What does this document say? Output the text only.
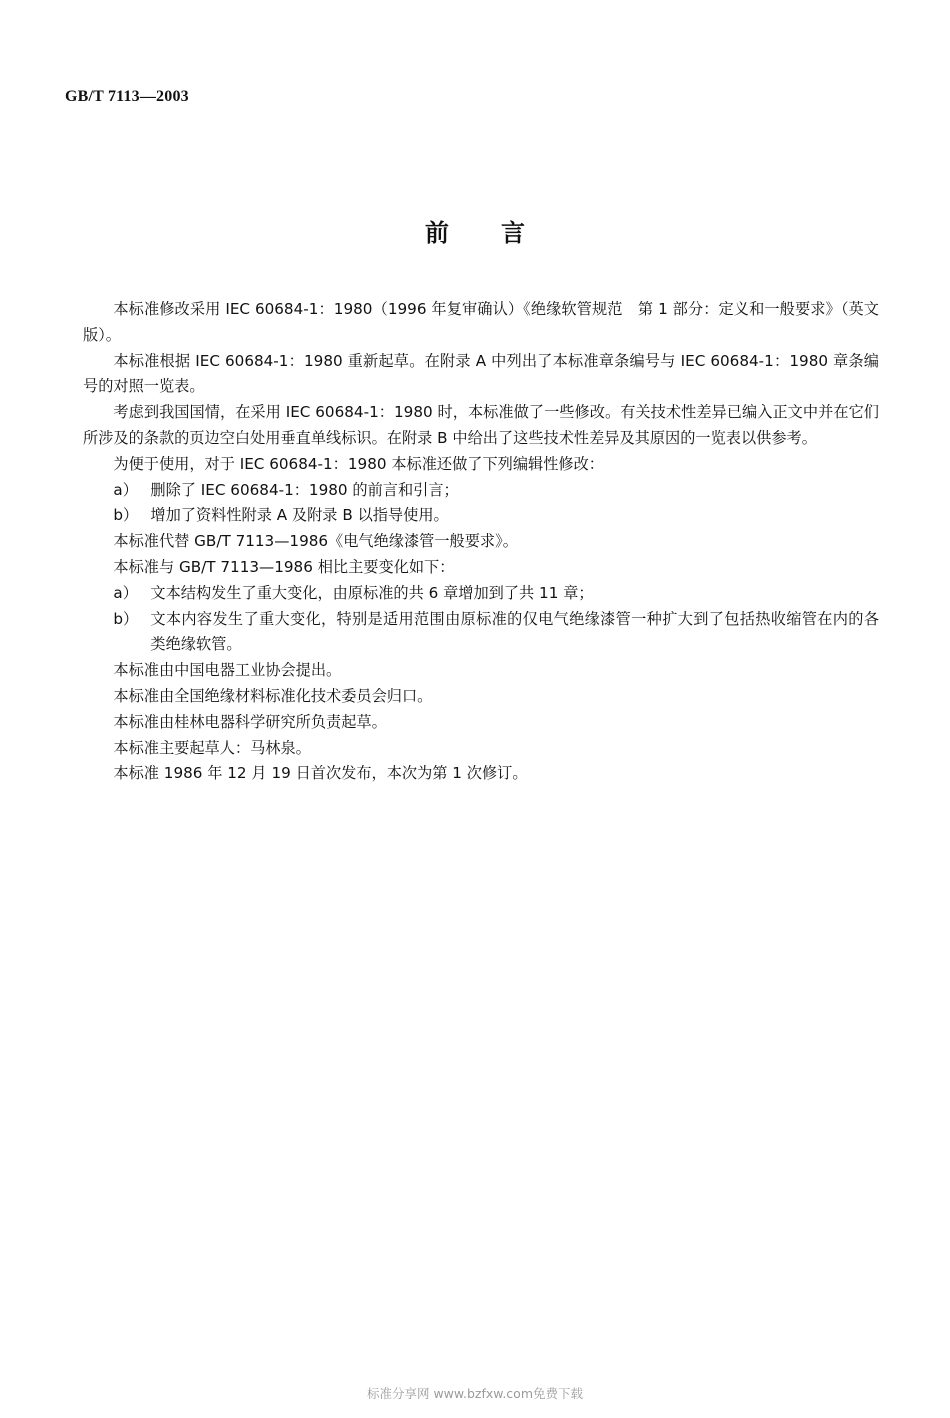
GB/T 7113—2003
前言

本标准修改采用 IEC 60684-1：1980（1996 年复审确认）《绝缘软管规范　第 1 部分：定义和一般要求》（英文版）。

本标准根据 IEC 60684-1：1980 重新起草。在附录 A 中列出了本标准章条编号与 IEC 60684-1：1980 章条编号的对照一览表。

考虑到我国国情，在采用 IEC 60684-1：1980 时，本标准做了一些修改。有关技术性差异已编入正文中并在它们所涉及的条款的页边空白处用垂直单线标识。在附录 B 中给出了这些技术性差异及其原因的一览表以供参考。

为便于使用，对于 IEC 60684-1：1980 本标准还做了下列编辑性修改：

a） 删除了 IEC 60684-1：1980 的前言和引言；
b） 增加了资料性附录 A 及附录 B 以指导使用。

本标准代替 GB/T 7113—1986《电气绝缘漆管一般要求》。

本标准与 GB/T 7113—1986 相比主要变化如下：

a） 文本结构发生了重大变化，由原标准的共 6 章增加到了共 11 章；
b） 文本内容发生了重大变化，特别是适用范围由原标准的仅电气绝缘漆管一种扩大到了包括热收缩管在内的各类绝缘软管。

本标准由中国电器工业协会提出。

本标准由全国绝缘材料标准化技术委员会归口。

本标准由桂林电器科学研究所负责起草。

本标准主要起草人：马林泉。

本标准 1986 年 12 月 19 日首次发布，本次为第 1 次修订。

标准分享网 www.bzfxw.com免费下载
